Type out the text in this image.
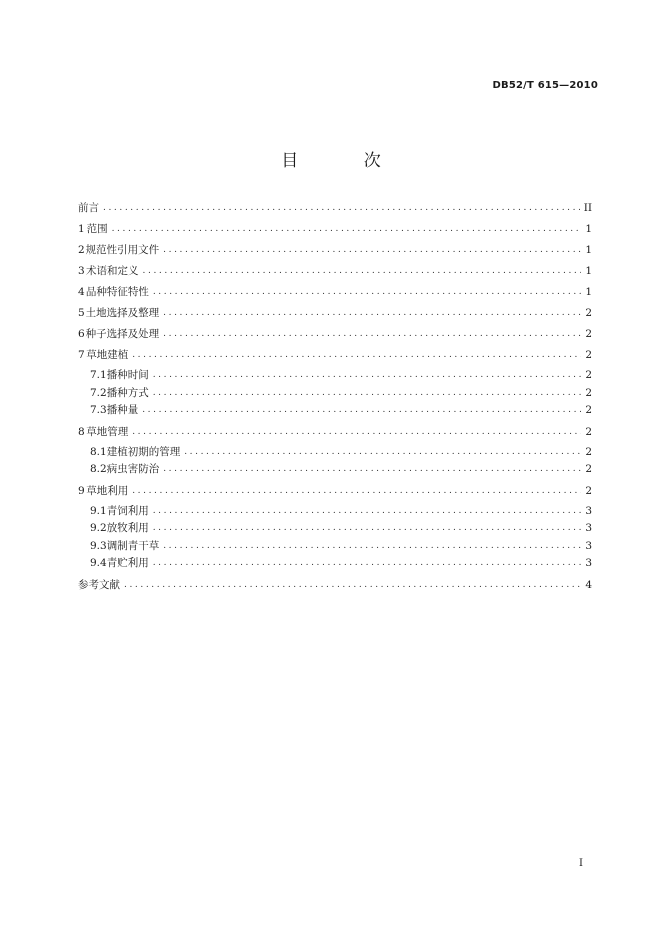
DB52/T 615—2010
目 次
前言 .....	II
1 范围 .....	1
2 规范性引用文件 .....	1
3 术语和定义 .....	1
4 品种特征特性 .....	1
5 土地选择及整理 .....	2
6 种子选择及处理 .....	2
7 草地建植 .....	2
7.1 播种时间 .....	2
7.2 播种方式 .....	2
7.3 播种量 .....	2
8 草地管理 .....	2
8.1 建植初期的管理 .....	2
8.2 病虫害防治 .....	2
9 草地利用 .....	2
9.1 青饲利用 .....	3
9.2 放牧利用 .....	3
9.3 调制青干草 .....	3
9.4 青贮利用 .....	3
参考文献 .....	4
I
